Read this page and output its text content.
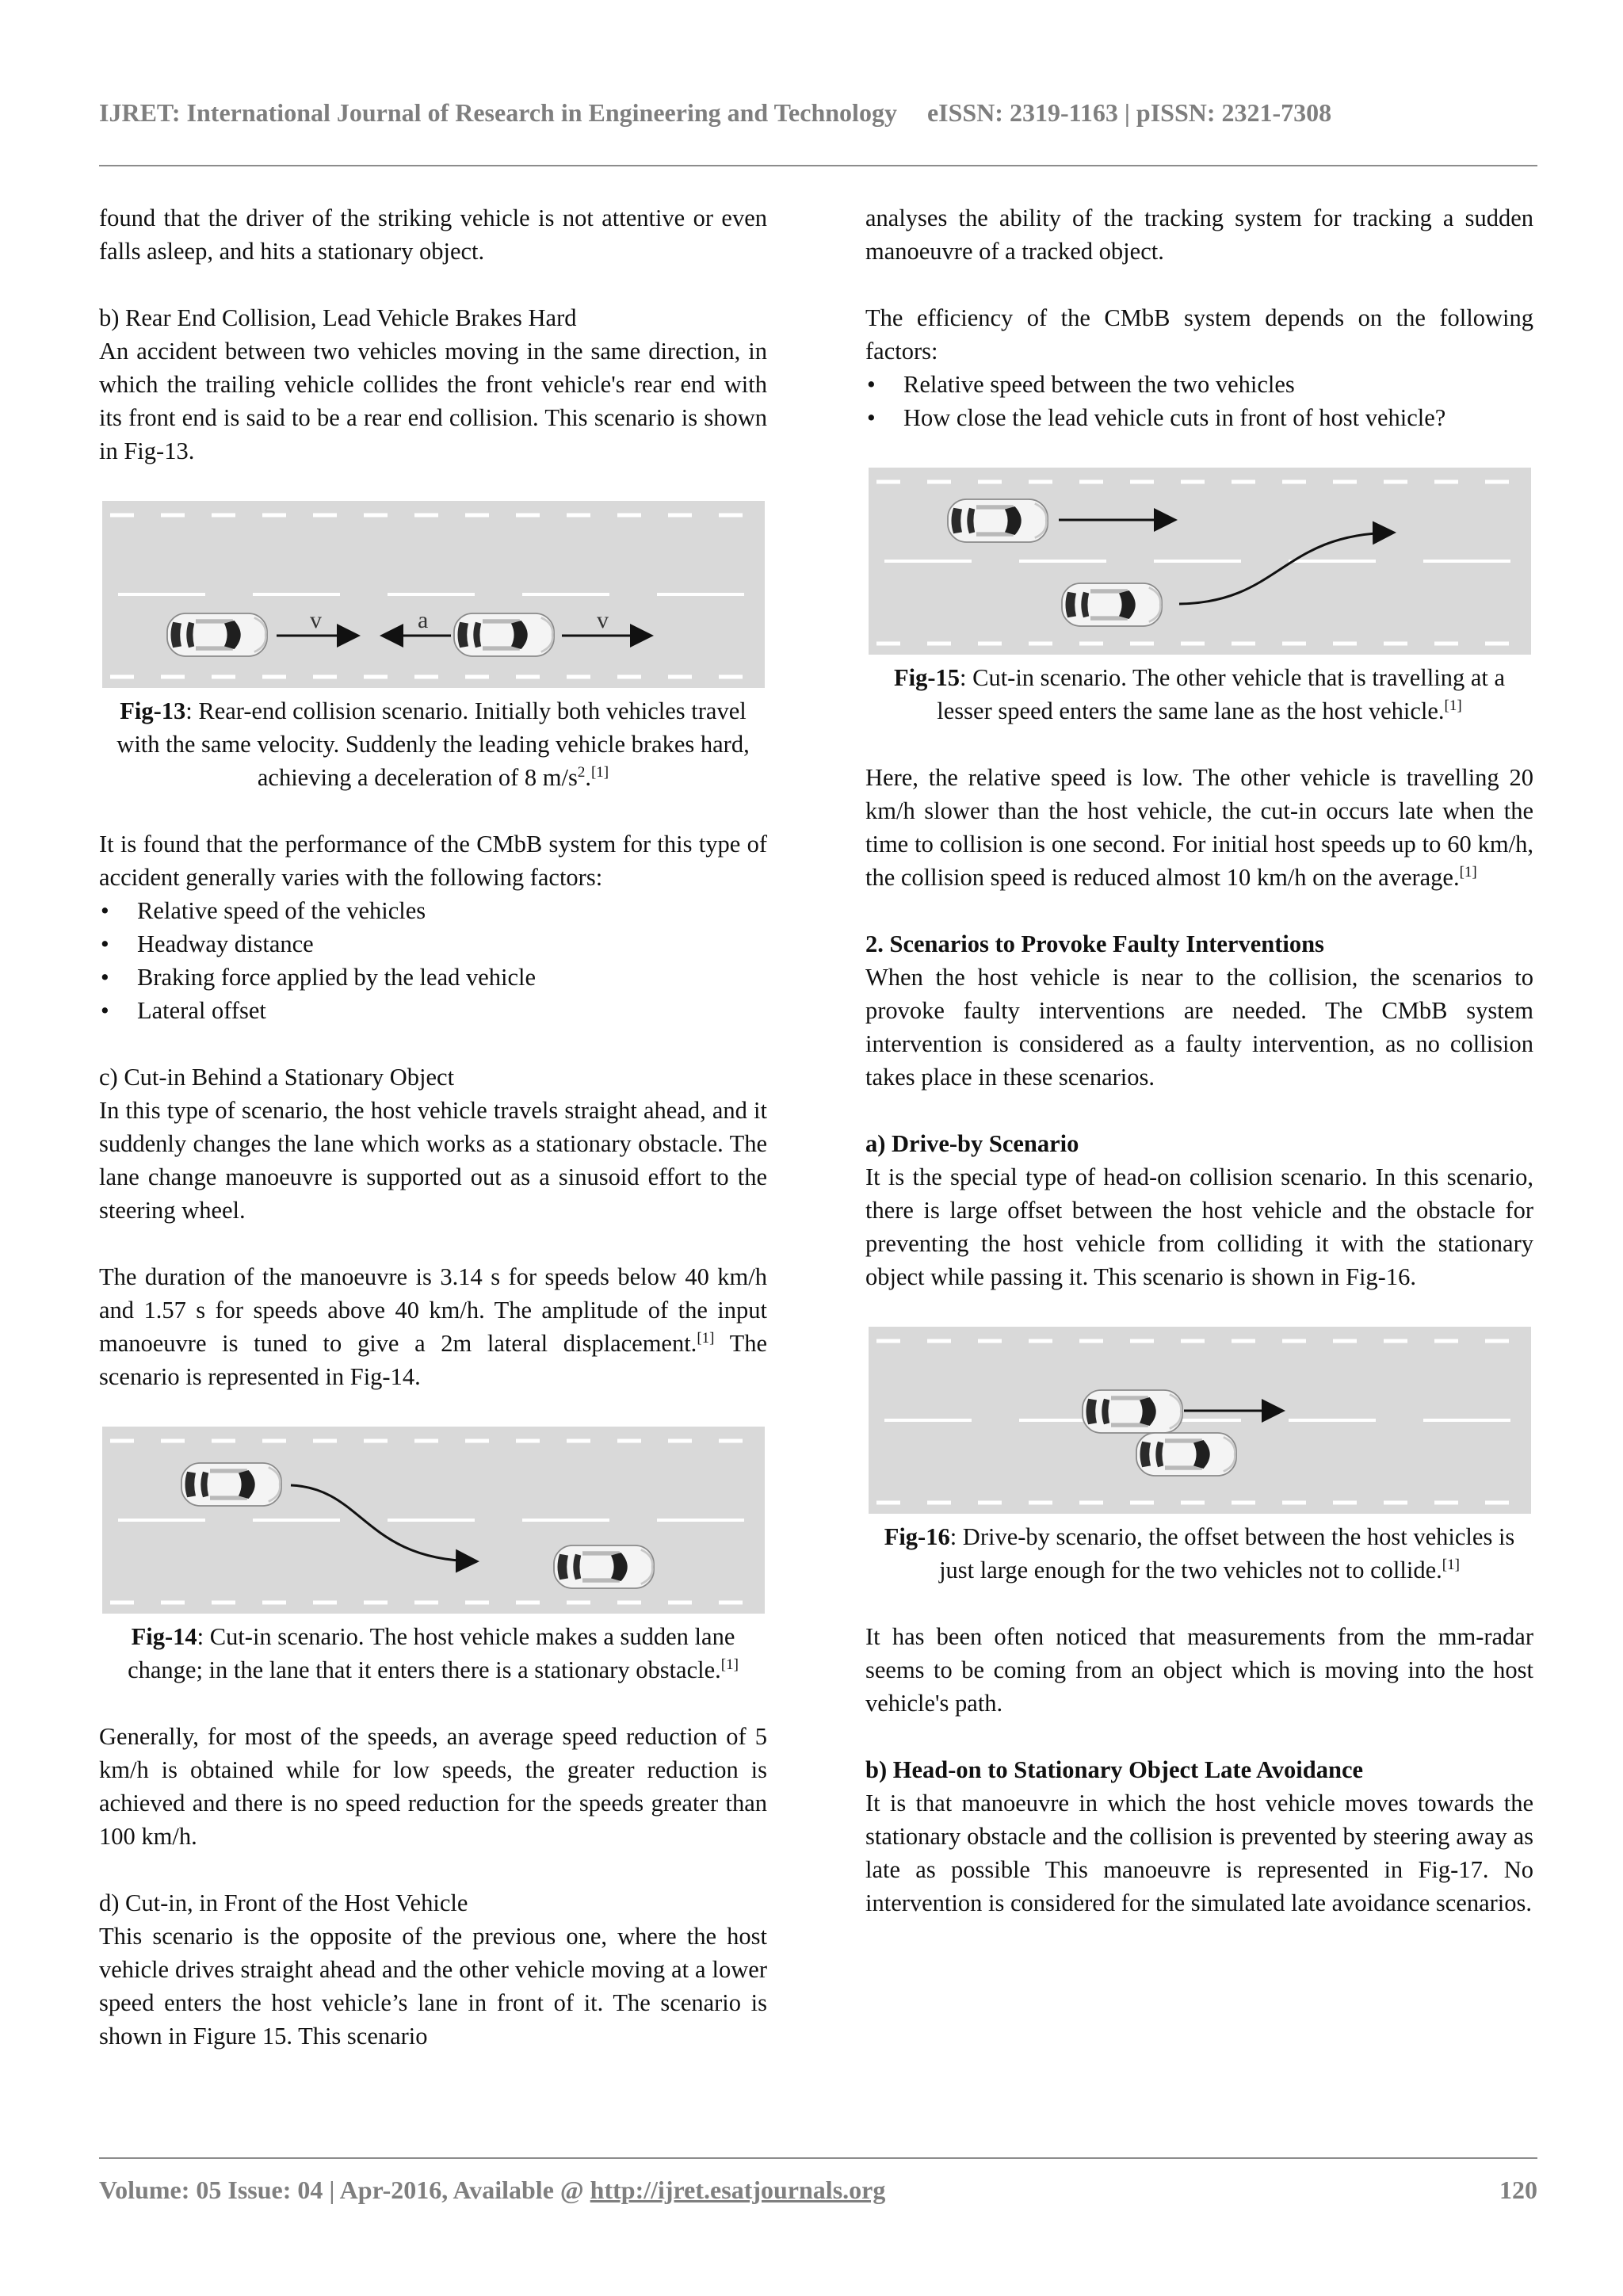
IJRET: International Journal of Research in Engineering and Technology eISSN: 2319-1163 | pISSN: 2321-7308

found that the driver of the striking vehicle is not attentive or even falls asleep, and hits a stationary object.

b) Rear End Collision, Lead Vehicle Brakes Hard

An accident between two vehicles moving in the same direction, in which the trailing vehicle collides the front vehicle's rear end with its front end is said to be a rear end collision. This scenario is shown in Fig-13.

v	a	v
Fig-13: Rear-end collision scenario. Initially both vehicles travel with the same velocity. Suddenly the leading vehicle brakes hard, achieving a deceleration of 8 $m/s^2.[1]$

It is found that the performance of the CMbB system for this type of accident generally varies with the following factors:

• Relative speed of the vehicles
• Headway distance
• Braking force applied by the lead vehicle
• Lateral offset
c) Cut-in Behind a Stationary Object

In this type of scenario, the host vehicle travels straight ahead, and it suddenly changes the lane which works as a stationary obstacle. The lane change manoeuvre is supported out as a sinusoid effort to the steering wheel.

The duration of the manoeuvre is 3.14 s for speeds below 40 km/h and 1.57 s for speeds above 40 km/h. The amplitude of the input manoeuvre is tuned to give a 2m lateral displacement.[1] The scenario is represented in Fig-14.

Fig-14: Cut-in scenario. The host vehicle makes a sudden lane change; in the lane that it enters there is a stationary obstacle.[1]

Generally, for most of the speeds, an average speed reduction of 5 km/h is obtained while for low speeds, the greater reduction is achieved and there is no speed reduction for the speeds greater than 100 km/h.

d) Cut-in, in Front of the Host Vehicle

This scenario is the opposite of the previous one, where the host vehicle drives straight ahead and the other vehicle moving at a lower speed enters the host vehicle’s lane in front of it. The scenario is shown in Figure 15. This scenario

analyses the ability of the tracking system for tracking a sudden manoeuvre of a tracked object.

The efficiency of the CMbB system depends on the following factors:

• Relative speed between the two vehicles
• How close the lead vehicle cuts in front of host vehicle?
Fig-15: Cut-in scenario. The other vehicle that is travelling at a lesser speed enters the same lane as the host vehicle.[1]

Here, the relative speed is low. The other vehicle is travelling 20 km/h slower than the host vehicle, the cut-in occurs late when the time to collision is one second. For initial host speeds up to 60 km/h, the collision speed is reduced almost 10 km/h on the average.[1]

2. Scenarios to Provoke Faulty Interventions

When the host vehicle is near to the collision, the scenarios to provoke faulty interventions are needed. The CMbB system intervention is considered as a faulty intervention, as no collision takes place in these scenarios.

a) Drive-by Scenario

It is the special type of head-on collision scenario. In this scenario, there is large offset between the host vehicle and the obstacle for preventing the host vehicle from colliding it with the stationary object while passing it. This scenario is shown in Fig-16.

Fig-16: Drive-by scenario, the offset between the host vehicles is just large enough for the two vehicles not to collide.[1]

It has been often noticed that measurements from the mm-radar seems to be coming from an object which is moving into the host vehicle's path.

b) Head-on to Stationary Object Late Avoidance

It is that manoeuvre in which the host vehicle moves towards the stationary obstacle and the collision is prevented by steering away as late as possible This manoeuvre is represented in Fig-17. No intervention is considered for the simulated late avoidance scenarios.

Volume: 05 Issue: 04 | Apr-2016, Available @ http://ijret.esatjournals.org	120
